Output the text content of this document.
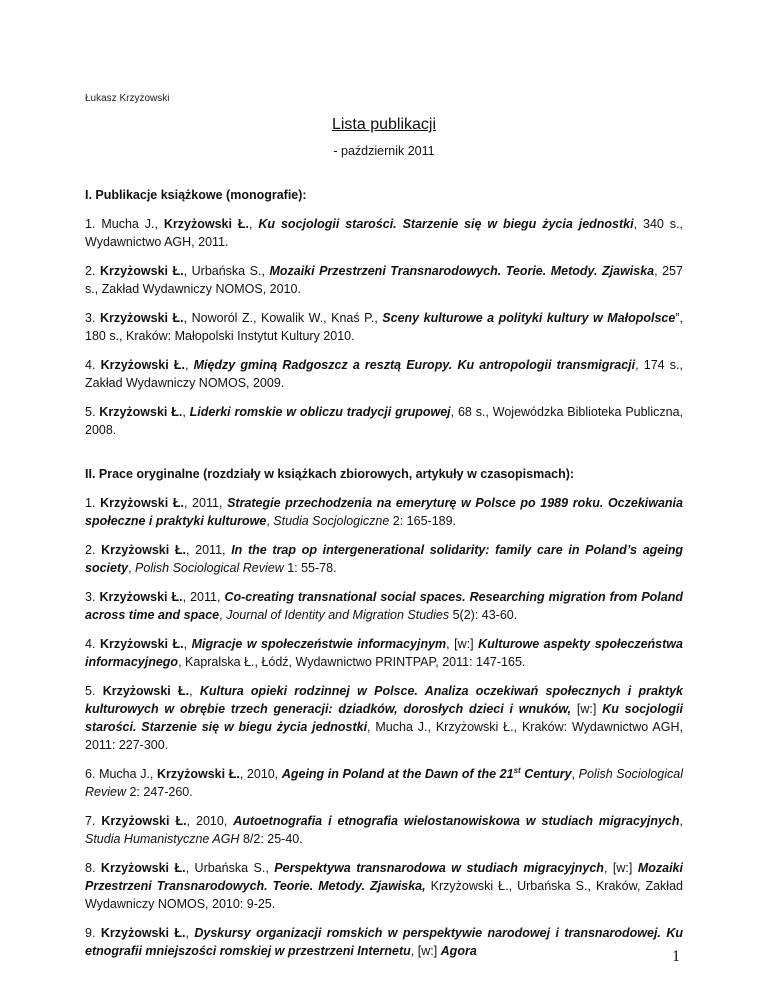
Łukasz Krzyżowski
Lista publikacji
- październik 2011
I. Publikacje książkowe (monografie):
1. Mucha J., Krzyżowski Ł., Ku socjologii starości. Starzenie się w biegu życia jednostki, 340 s., Wydawnictwo AGH, 2011.
2. Krzyżowski Ł., Urbańska S., Mozaiki Przestrzeni Transnarodowych. Teorie. Metody. Zjawiska, 257 s., Zakład Wydawniczy NOMOS, 2010.
3. Krzyżowski Ł., Noworól Z., Kowalik W., Knaś P., Sceny kulturowe a polityki kultury w Małopolsce”, 180 s., Kraków: Małopolski Instytut Kultury 2010.
4. Krzyżowski Ł., Między gminą Radgoszcz a resztą Europy. Ku antropologii transmigracji, 174 s., Zakład Wydawniczy NOMOS, 2009.
5. Krzyżowski Ł., Liderki romskie w obliczu tradycji grupowej, 68 s., Wojewódzka Biblioteka Publiczna, 2008.
II. Prace oryginalne (rozdziały w książkach zbiorowych, artykuły w czasopismach):
1. Krzyżowski Ł., 2011, Strategie przechodzenia na emeryturę w Polsce po 1989 roku. Oczekiwania społeczne i praktyki kulturowe, Studia Socjologiczne 2: 165-189.
2. Krzyżowski Ł., 2011, In the trap op intergenerational solidarity: family care in Poland’s ageing society, Polish Sociological Review 1: 55-78.
3. Krzyżowski Ł., 2011, Co-creating transnational social spaces. Researching migration from Poland across time and space, Journal of Identity and Migration Studies 5(2): 43-60.
4. Krzyżowski Ł., Migracje w społeczeństwie informacyjnym, [w:] Kulturowe aspekty społeczeństwa informacyjnego, Kapralska Ł., Łódź, Wydawnictwo PRINTPAP, 2011: 147-165.
5. Krzyżowski Ł., Kultura opieki rodzinnej w Polsce. Analiza oczekiwań społecznych i praktyk kulturowych w obrębie trzech generacji: dziadków, dorosłych dzieci i wnuków, [w:] Ku socjologii starości. Starzenie się w biegu życia jednostki, Mucha J., Krzyżowski Ł., Kraków: Wydawnictwo AGH, 2011: 227-300.
6. Mucha J., Krzyżowski Ł., 2010, Ageing in Poland at the Dawn of the 21st Century, Polish Sociological Review 2: 247-260.
7. Krzyżowski Ł., 2010, Autoetnografia i etnografia wielostanowiskowa w studiach migracyjnych, Studia Humanistyczne AGH 8/2: 25-40.
8. Krzyżowski Ł., Urbańska S., Perspektywa transnarodowa w studiach migracyjnych, [w:] Mozaiki Przestrzeni Transnarodowych. Teorie. Metody. Zjawiska, Krzyżowski Ł., Urbańska S., Kraków, Zakład Wydawniczy NOMOS, 2010: 9-25.
9. Krzyżowski Ł., Dyskursy organizacji romskich w perspektywie narodowej i transnarodowej. Ku etnografii mniejszości romskiej w przestrzeni Internetu, [w:] Agora	1
